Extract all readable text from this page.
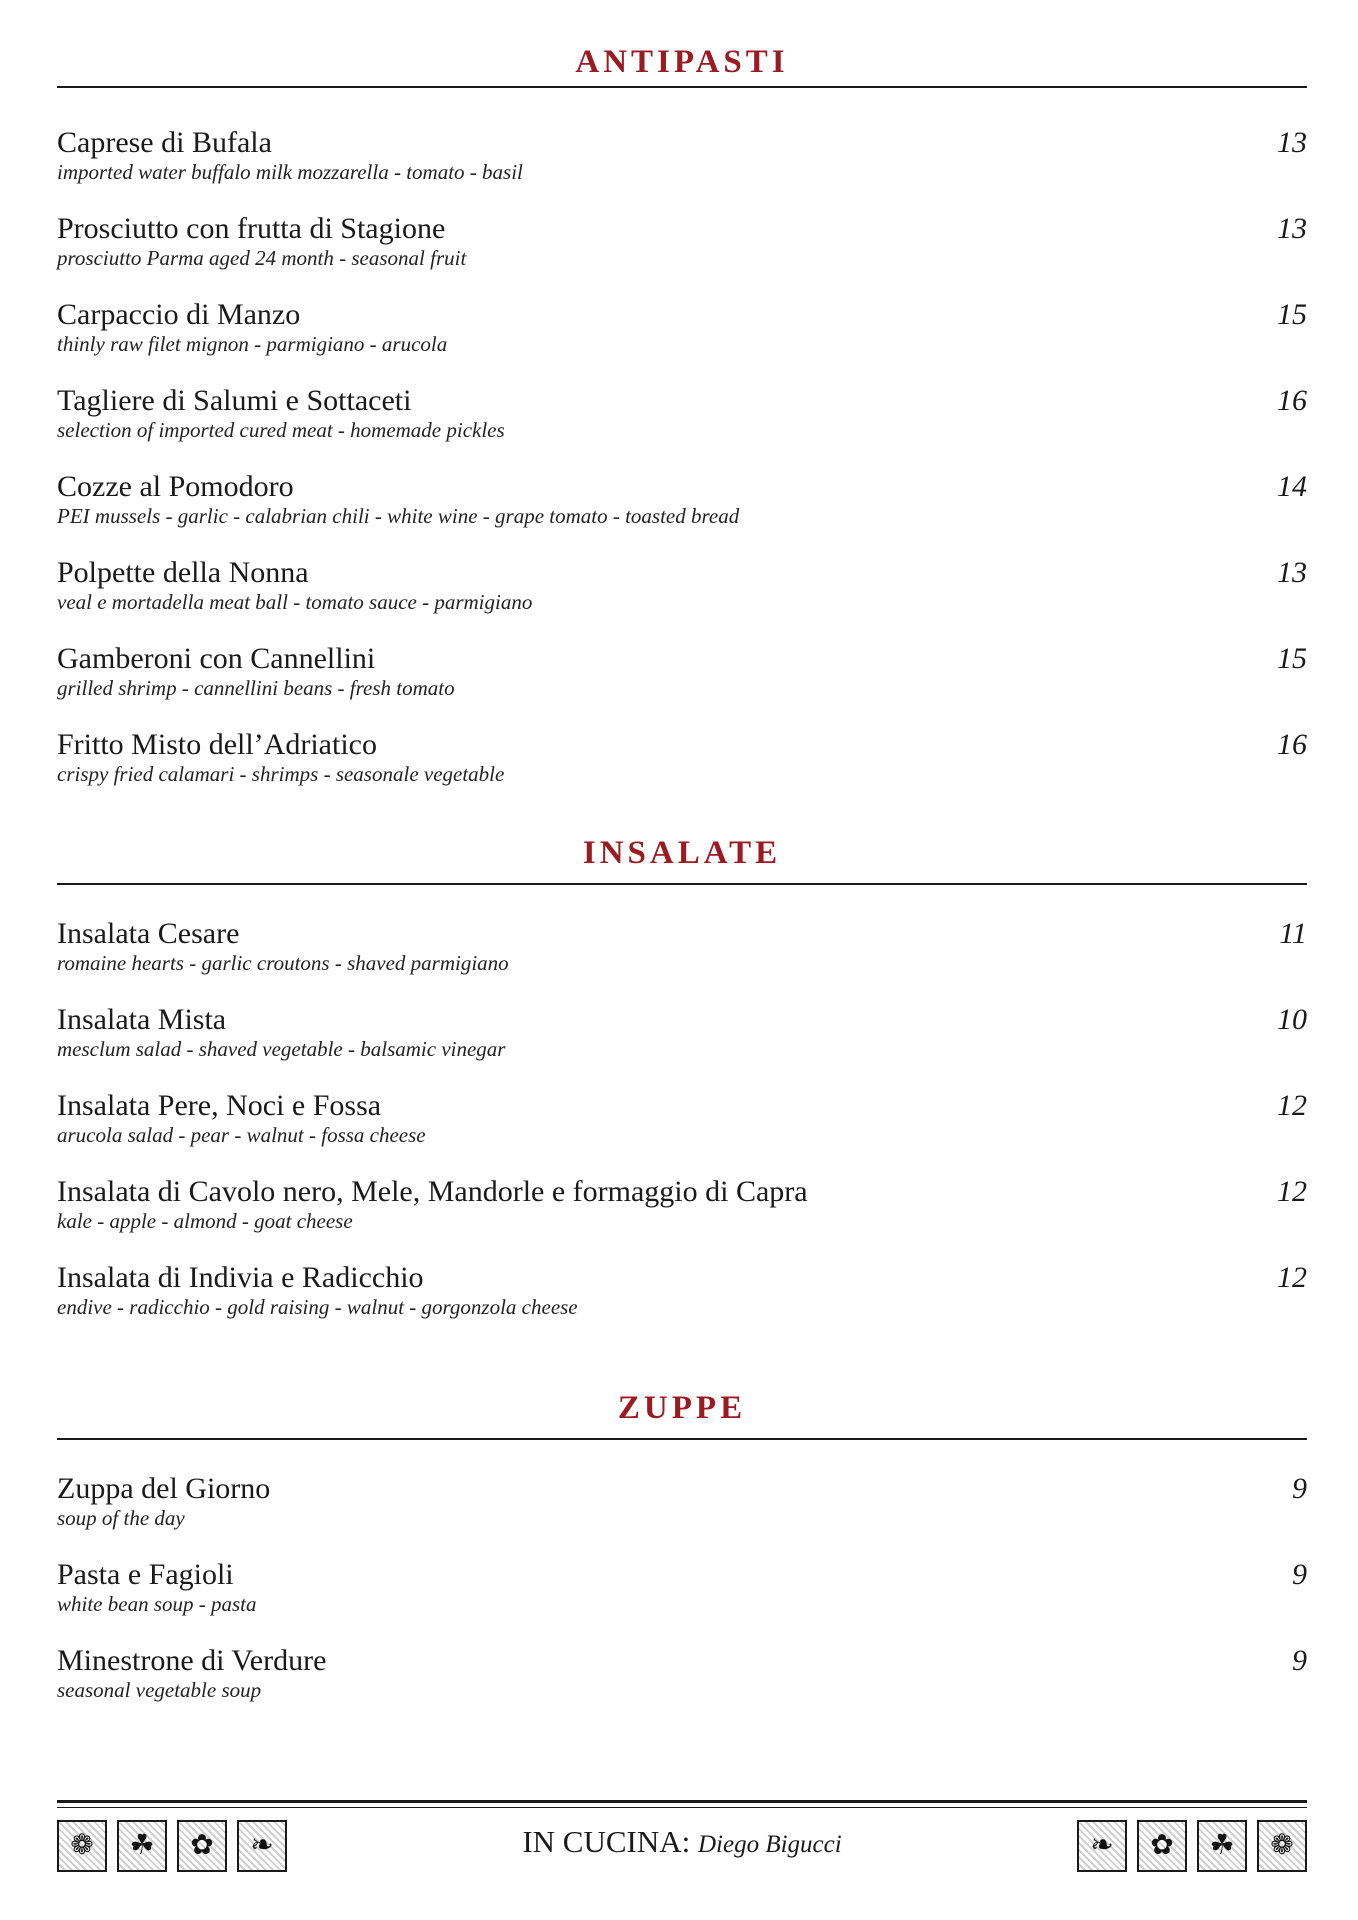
ANTIPASTI
Caprese di Bufala
imported water buffalo milk mozzarella - tomato - basil
13
Prosciutto con frutta di Stagione
prosciutto Parma aged 24 month - seasonal fruit
13
Carpaccio di Manzo
thinly raw filet mignon - parmigiano - arucola
15
Tagliere di Salumi e Sottaceti
selection of imported cured meat - homemade pickles
16
Cozze al Pomodoro
PEI mussels - garlic - calabrian chili - white wine - grape tomato - toasted bread
14
Polpette della Nonna
veal e mortadella meat ball - tomato sauce - parmigiano
13
Gamberoni con Cannellini
grilled shrimp - cannellini beans - fresh tomato
15
Fritto Misto dell’Adriatico
crispy fried calamari - shrimps - seasonale vegetable
16
INSALATE
Insalata Cesare
romaine hearts - garlic croutons - shaved parmigiano
11
Insalata Mista
mesclum salad - shaved vegetable - balsamic vinegar
10
Insalata Pere, Noci e Fossa
arucola salad - pear - walnut - fossa cheese
12
Insalata di Cavolo nero, Mele, Mandorle e formaggio di Capra
kale - apple - almond - goat cheese
12
Insalata di Indivia e Radicchio
endive - radicchio - gold raising - walnut - gorgonzola cheese
12
ZUPPE
Zuppa del Giorno
soup of the day
9
Pasta e Fagioli
white bean soup - pasta
9
Minestrone di Verdure
seasonal vegetable soup
9
❁	☘	✿	❧	IN CUCINA: Diego Bigucci	❧	✿	☘	❁
